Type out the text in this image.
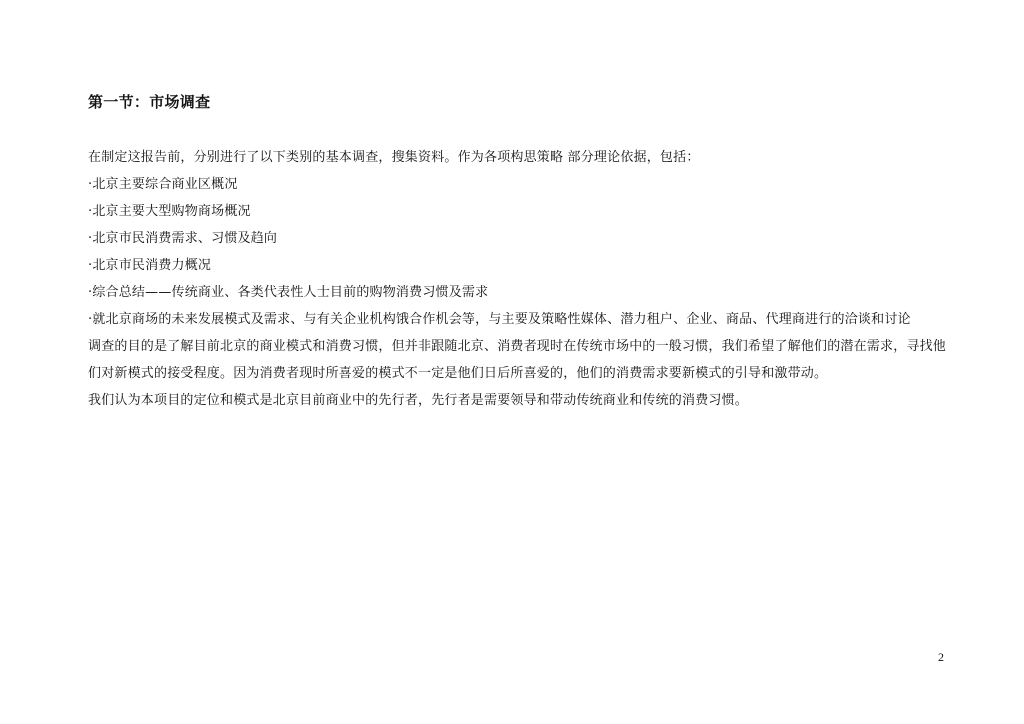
第一节：市场调查

在制定这报告前，分别进行了以下类别的基本调查，搜集资料。作为各项构思策略 部分理论依据，包括：

·北京主要综合商业区概况

·北京主要大型购物商场概况

·北京市民消费需求、习惯及趋向

·北京市民消费力概况

·综合总结——传统商业、各类代表性人士目前的购物消费习惯及需求

·就北京商场的未来发展模式及需求、与有关企业机构饿合作机会等，与主要及策略性媒体、潜力租户、企业、商品、代理商进行的洽谈和讨论

调查的目的是了解目前北京的商业模式和消费习惯，但并非跟随北京、消费者现时在传统市场中的一般习惯，我们希望了解他们的潜在需求，寻找他们对新模式的接受程度。因为消费者现时所喜爱的模式不一定是他们日后所喜爱的，他们的消费需求要新模式的引导和激带动。

我们认为本项目的定位和模式是北京目前商业中的先行者，先行者是需要领导和带动传统商业和传统的消费习惯。

2
